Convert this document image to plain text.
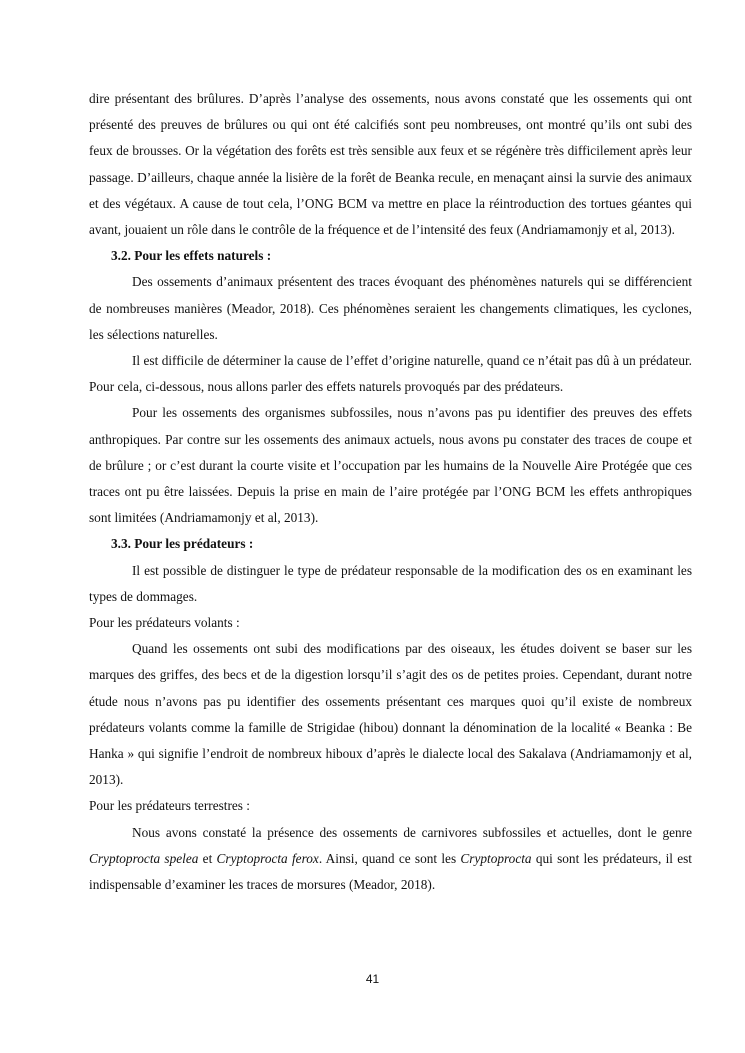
dire présentant des brûlures. D’après l’analyse des ossements, nous avons constaté que les ossements qui ont présenté des preuves de brûlures ou qui ont été calcifiés sont peu nombreuses, ont montré qu’ils ont subi des feux de brousses. Or la végétation des forêts est très sensible aux feux et se régénère très difficilement après leur passage. D’ailleurs, chaque année la lisière de la forêt de Beanka recule, en menaçant ainsi la survie des animaux et des végétaux. A cause de tout cela, l’ONG BCM va mettre en place la réintroduction des tortues géantes qui avant, jouaient un rôle dans le contrôle de la fréquence et de l’intensité des feux (Andriamamonjy et al, 2013).

3.2. Pour les effets naturels :

Des ossements d’animaux présentent des traces évoquant des phénomènes naturels qui se différencient de nombreuses manières (Meador, 2018). Ces phénomènes seraient les changements climatiques, les cyclones, les sélections naturelles.

Il est difficile de déterminer la cause de l’effet d’origine naturelle, quand ce n’était pas dû à un prédateur. Pour cela, ci-dessous, nous allons parler des effets naturels provoqués par des prédateurs.

Pour les ossements des organismes subfossiles, nous n’avons pas pu identifier des preuves des effets anthropiques. Par contre sur les ossements des animaux actuels, nous avons pu constater des traces de coupe et de brûlure ; or c’est durant la courte visite et l’occupation par les humains de la Nouvelle Aire Protégée que ces traces ont pu être laissées. Depuis la prise en main de l’aire protégée par l’ONG BCM les effets anthropiques sont limitées (Andriamamonjy et al, 2013).

3.3. Pour les prédateurs :

Il est possible de distinguer le type de prédateur responsable de la modification des os en examinant les types de dommages.

Pour les prédateurs volants :

Quand les ossements ont subi des modifications par des oiseaux, les études doivent se baser sur les marques des griffes, des becs et de la digestion lorsqu’il s’agit des os de petites proies. Cependant, durant notre étude nous n’avons pas pu identifier des ossements présentant ces marques quoi qu’il existe de nombreux prédateurs volants comme la famille de Strigidae (hibou) donnant la dénomination de la localité « Beanka : Be Hanka » qui signifie l’endroit de nombreux hiboux d’après le dialecte local des Sakalava (Andriamamonjy et al, 2013).

Pour les prédateurs terrestres :

Nous avons constaté la présence des ossements de carnivores subfossiles et actuelles, dont le genre Cryptoprocta spelea et Cryptoprocta ferox. Ainsi, quand ce sont les Cryptoprocta qui sont les prédateurs, il est indispensable d’examiner les traces de morsures (Meador, 2018).

41
